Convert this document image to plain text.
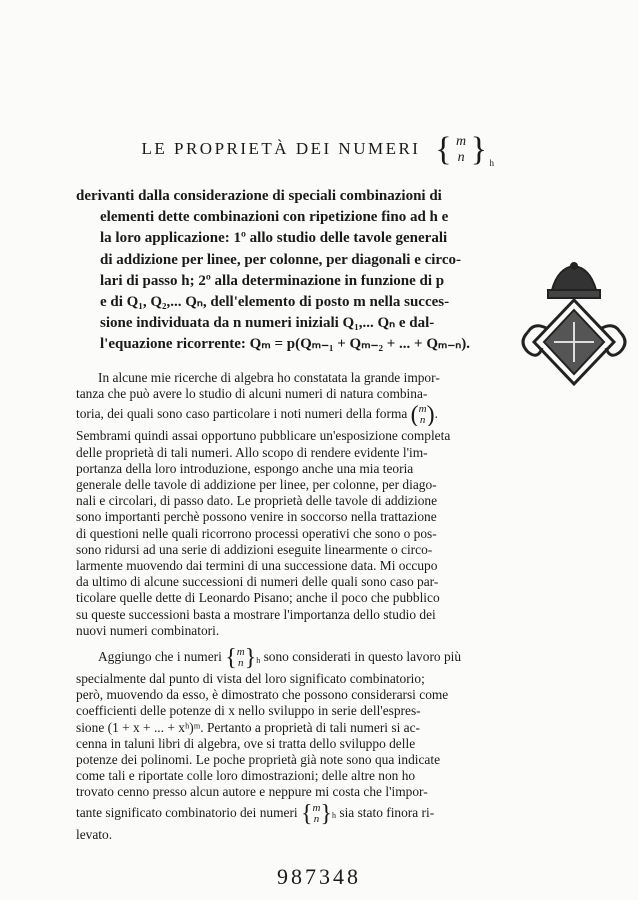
LE PROPRIETÀ DEI NUMERI { m
n } h
derivanti dalla considerazione di speciali combinazioni di
elementi dette combinazioni con ripetizione fino ad h e
la loro applicazione: 1º allo studio delle tavole generali
di addizione per linee, per colonne, per diagonali e circo-
lari di passo h; 2º alla determinazione in funzione di p
e di Q₁, Q₂,... Qₙ, dell'elemento di posto m nella succes-
sione individuata da n numeri iniziali Q₁,... Qₙ e dal-
l'equazione ricorrente: Qₘ = p(Qₘ₋₁ + Qₘ₋₂ + ... + Qₘ₋ₙ).
In alcune mie ricerche di algebra ho constatata la grande impor-
tanza che può avere lo studio di alcuni numeri di natura combina-
toria, dei quali sono caso particolare i noti numeri della forma ( m
n ) .
Sembrami quindi assai opportuno pubblicare un'esposizione completa
delle proprietà di tali numeri. Allo scopo di rendere evidente l'im-
portanza della loro introduzione, espongo anche una mia teoria
generale delle tavole di addizione per linee, per colonne, per diago-
nali e circolari, di passo dato. Le proprietà delle tavole di addizione
sono importanti perchè possono venire in soccorso nella trattazione
di questioni nelle quali ricorrono processi operativi che sono o pos-
sono ridursi ad una serie di addizioni eseguite linearmente o circo-
larmente muovendo dai termini di una successione data. Mi occupo
da ultimo di alcune successioni di numeri delle quali sono caso par-
ticolare quelle dette di Leonardo Pisano; anche il poco che pubblico
su queste successioni basta a mostrare l'importanza dello studio dei
nuovi numeri combinatori.
Aggiungo che i numeri { m
n } h sono considerati in questo lavoro più
specialmente dal punto di vista del loro significato combinatorio;
però, muovendo da esso, è dimostrato che possono considerarsi come
coefficienti delle potenze di x nello sviluppo in serie dell'espres-
sione (1 + x + ... + xʰ)ᵐ. Pertanto a proprietà di tali numeri si ac-
cenna in taluni libri di algebra, ove si tratta dello sviluppo delle
potenze dei polinomi. Le poche proprietà già note sono qua indicate
come tali e riportate colle loro dimostrazioni; delle altre non ho
trovato cenno presso alcun autore e neppure mi costa che l'impor-
tante significato combinatorio dei numeri { m
n } h sia stato finora ri-
levato.
987348
